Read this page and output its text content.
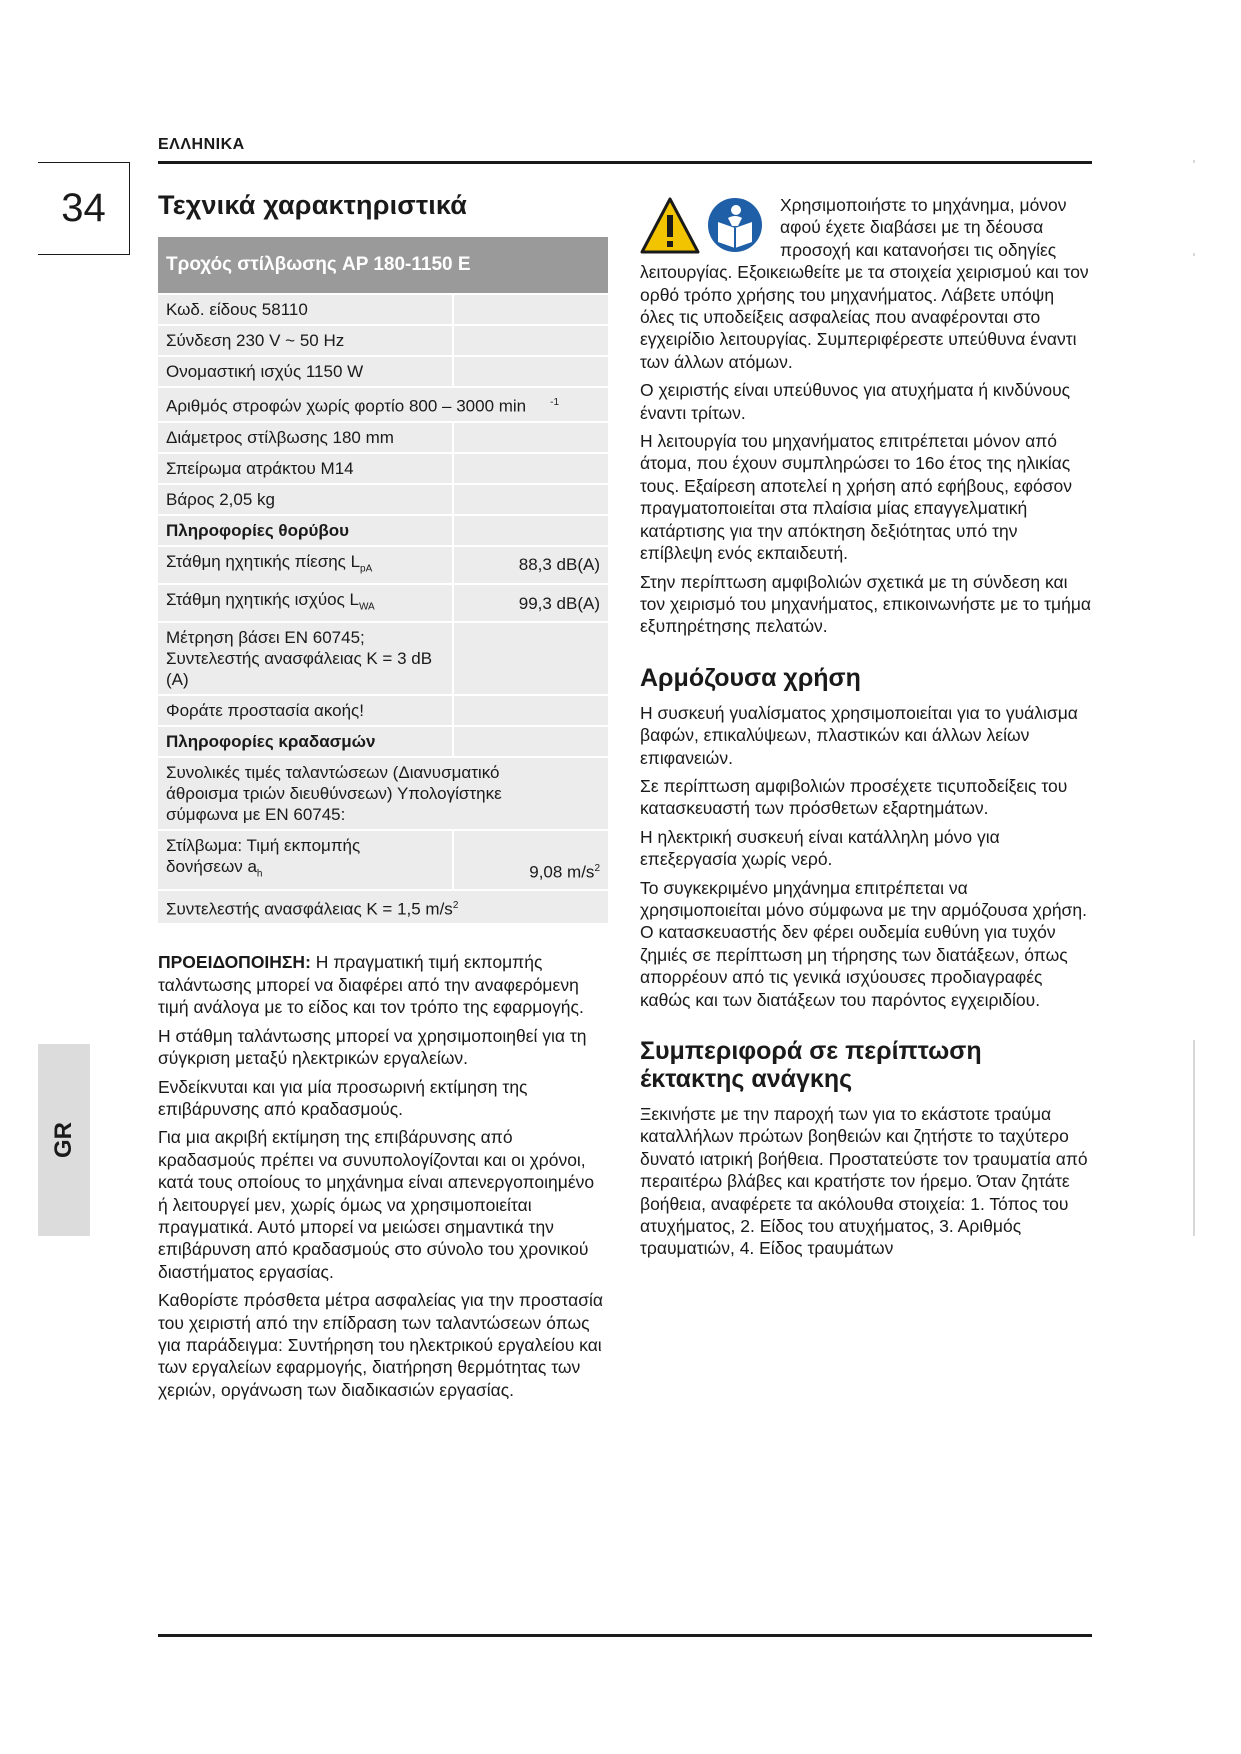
ΕΛΛΗΝΙΚΑ
34
GR
Τεχνικά χαρακτηριστικά
Τροχός στίλβωσης AP 180-1150 E	
Κωδ. είδους 58110	
Σύνδεση 230 V ~ 50 Hz	
Ονομαστική ισχύς 1150 W	
Αριθμός στροφών χωρίς φορτίο 800 – 3000 min $^{-1}$
Διάμετρος στίλβωσης 180 mm	
Σπείρωμα ατράκτου M14	
Βάρος 2,05 kg	
Πληροφορίες θορύβου	
Στάθμη ηχητικής πίεσης $L_{pA}$	88,3 dB(A)
Στάθμη ηχητικής ισχύος $L_{WA}$	99,3 dB(A)
Μέτρηση βάσει EN 60745; Συντελεστής ανασφάλειας K = 3 dB (A)	
Φοράτε προστασία ακοής!	
Πληροφορίες κραδασμών	
Συνολικές τιμές ταλαντώσεων (Διανυσματικό άθροισμα τριών διευθύνσεων) Υπολογίστηκε σύμφωνα με EN 60745:	

Στίλβωμα: Τιμή εκπομπής
δονήσεων $a_h$	9,08 $m/s^2$
Συντελεστής ανασφάλειας K = 1,5 $m/s^2$

ΠΡΟΕΙΔΟΠΟΙΗΣΗ: Η πραγματική τιμή εκπομπής ταλάντωσης μπορεί να διαφέρει από την αναφερόμενη τιμή ανάλογα με το είδος και τον τρόπο της εφαρμογής.

Η στάθμη ταλάντωσης μπορεί να χρησιμοποιηθεί για τη σύγκριση μεταξύ ηλεκτρικών εργαλείων.

Ενδείκνυται και για μία προσωρινή εκτίμηση της επιβάρυνσης από κραδασμούς.

Για μια ακριβή εκτίμηση της επιβάρυνσης από κραδασμούς πρέπει να συνυπολογίζονται και οι χρόνοι, κατά τους οποίους το μηχάνημα είναι απενεργοποιημένο ή λειτουργεί μεν, χωρίς όμως να χρησιμοποιείται πραγματικά. Αυτό μπορεί να μειώσει σημαντικά την επιβάρυνση από κραδασμούς στο σύνολο του χρονικού διαστήματος εργασίας.

Καθορίστε πρόσθετα μέτρα ασφαλείας για την προστασία του χειριστή από την επίδραση των ταλαντώσεων όπως για παράδειγμα: Συντήρηση του ηλεκτρικού εργαλείου και των εργαλείων εφαρμογής, διατήρηση θερμότητας των χεριών, οργάνωση των διαδικασιών εργασίας.

Χρησιμοποιήστε το μηχάνημα, μόνον
αφού έχετε διαβάσει με τη δέουσα
προσοχή και κατανοήσει τις οδηγίες
λειτουργίας. Εξοικειωθείτε με τα στοιχεία χειρισμού και τον ορθό τρόπο χρήσης του μηχανήματος. Λάβετε υπόψη όλες τις υποδείξεις ασφαλείας που αναφέρονται στο εγχειρίδιο λειτουργίας. Συμπεριφέρεστε υπεύθυνα έναντι των άλλων ατόμων.

Ο χειριστής είναι υπεύθυνος για ατυχήματα ή κινδύνους έναντι τρίτων.

Η λειτουργία του μηχανήματος επιτρέπεται μόνον από άτομα, που έχουν συμπληρώσει το 16ο έτος της ηλικίας τους. Εξαίρεση αποτελεί η χρήση από εφήβους, εφόσον πραγματοποιείται στα πλαίσια μίας επαγγελματική κατάρτισης για την απόκτηση δεξιότητας υπό την επίβλεψη ενός εκπαιδευτή.

Στην περίπτωση αμφιβολιών σχετικά με τη σύνδεση και τον χειρισμό του μηχανήματος, επικοινωνήστε με το τμήμα εξυπηρέτησης πελατών.

Αρμόζουσα χρήση

Η συσκευή γυαλίσματος χρησιμοποιείται για το γυάλισμα βαφών, επικαλύψεων, πλαστικών και άλλων λείων επιφανειών.

Σε περίπτωση αμφιβολιών προσέχετε τιςυποδείξεις του κατασκευαστή των πρόσθετων εξαρτημάτων.

Η ηλεκτρική συσκευή είναι κατάλληλη μόνο για επεξεργασία χωρίς νερό.

Το συγκεκριμένο μηχάνημα επιτρέπεται να χρησιμοποιείται μόνο σύμφωνα με την αρμόζουσα χρήση. Ο κατασκευαστής δεν φέρει ουδεμία ευθύνη για τυχόν ζημιές σε περίπτωση μη τήρησης των διατάξεων, όπως απορρέουν από τις γενικά ισχύουσες προδιαγραφές καθώς και των διατάξεων του παρόντος εγχειριδίου.

Συμπεριφορά σε περίπτωση έκτακτης ανάγκης

Ξεκινήστε με την παροχή των για το εκάστοτε τραύμα καταλλήλων πρώτων βοηθειών και ζητήστε το ταχύτερο δυνατό ιατρική βοήθεια. Προστατεύστε τον τραυματία από περαιτέρω βλάβες και κρατήστε τον ήρεμο. Όταν ζητάτε βοήθεια, αναφέρετε τα ακόλουθα στοιχεία: 1. Τόπος του ατυχήματος, 2. Είδος του ατυχήματος, 3. Αριθμός τραυματιών, 4. Είδος τραυμάτων
